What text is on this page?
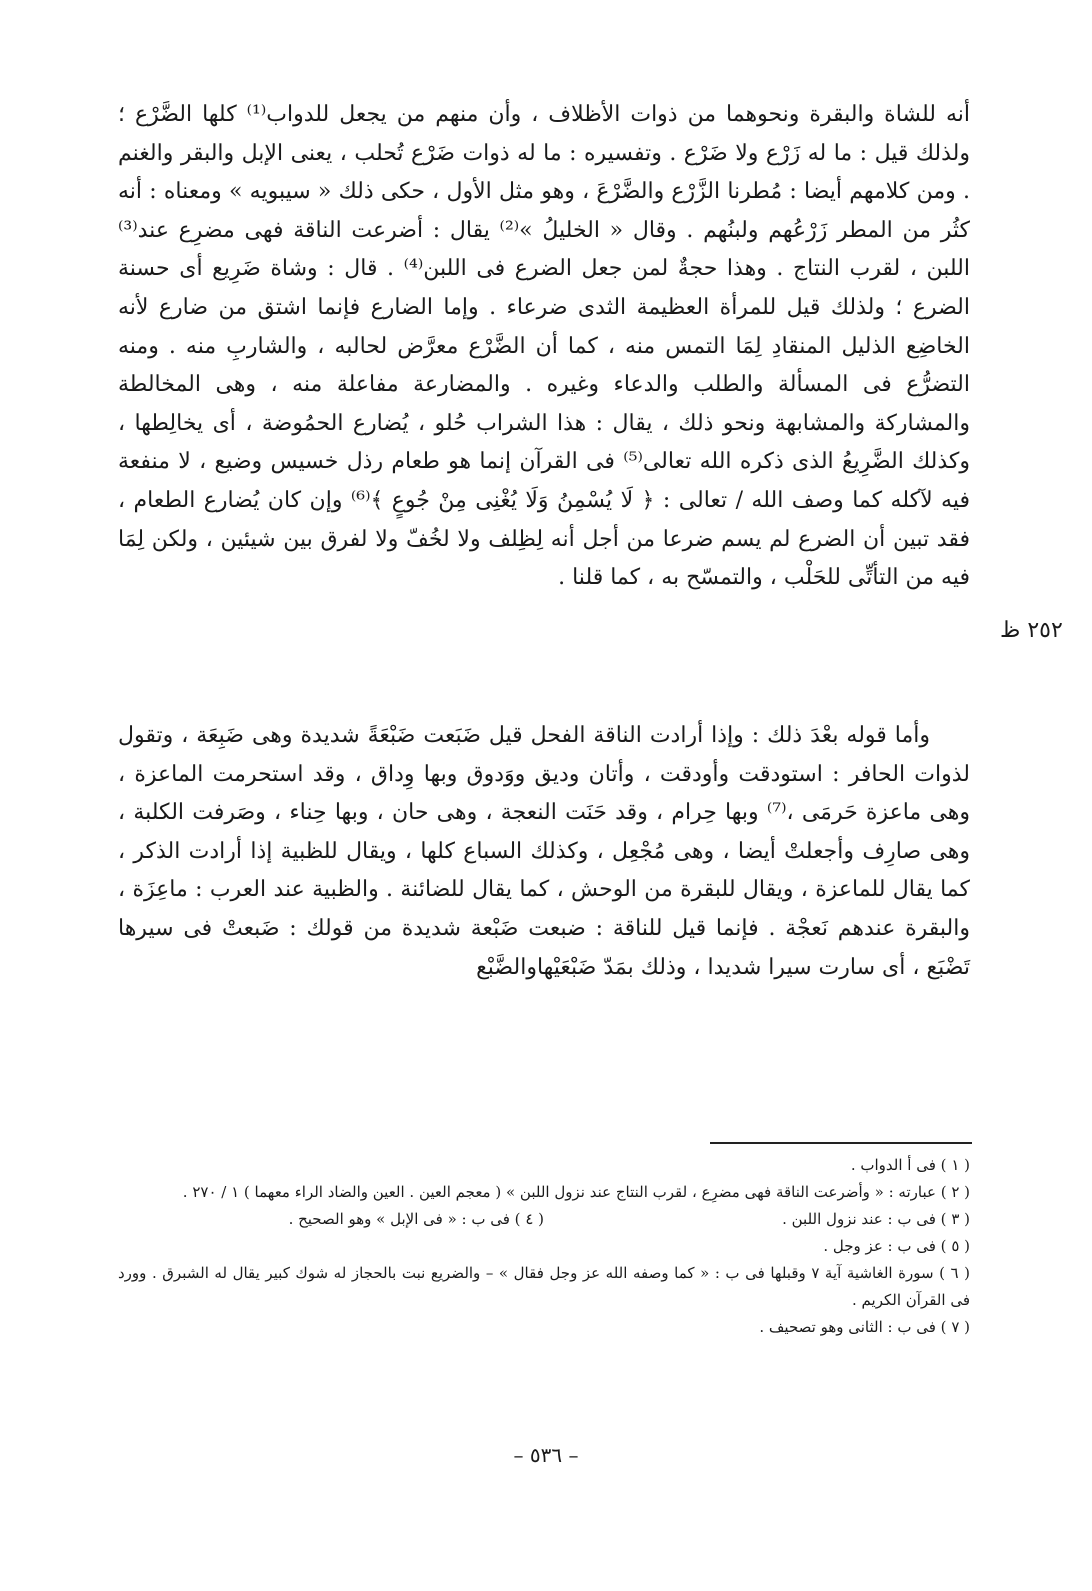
أنه للشاة والبقرة ونحوهما من ذوات الأظلاف ، وأن منهم من يجعل للدواب⁽¹⁾ كلها الضَّرْع ؛ ولذلك قيل : ما له زَرْع ولا ضَرْع . وتفسيره : ما له ذوات ضَرْع تُحلب ، يعنى الإبل والبقر والغنم . ومن كلامهم أيضا : مُطرنا الزَّرْع والضَّرْعَ ، وهو مثل الأول ، حكى ذلك « سيبويه » ومعناه : أنه كثُر من المطر زَرْعُهم ولبنُهم . وقال « الخليلُ »⁽²⁾ يقال : أضرعت الناقة فهى مضرِع عند⁽³⁾ اللبن ، لقرب النتاج . وهذا حجةٌ لمن جعل الضرع فى اللبن⁽⁴⁾ . قال : وشاة ضَرِيع أى حسنة الضرع ؛ ولذلك قيل للمرأة العظيمة الثدى ضرعاء . وإما الضارع فإنما اشتق من ضارع لأنه الخاضِع الذليل المنقادِ لِمَا التمس منه ، كما أن الضَّرْع معرَّض لحالبه ، والشاربِ منه . ومنه التضرُّع فى المسألة والطلب والدعاء وغيره . والمضارعة مفاعلة منه ، وهى المخالطة والمشاركة والمشابهة ونحو ذلك ، يقال : هذا الشراب حُلو ، يُضارع الحمُوضة ، أى يخالِطها ، وكذلك الضَّرِيعُ الذى ذكره الله تعالى⁽⁵⁾ فى القرآن إنما هو طعام رذل خسيس وضيع ، لا منفعة فيه لآكله كما وصف الله / تعالى : ﴿ لَا يُسْمِنُ وَلَا يُغْنِى مِنْ جُوعٍ ﴾⁽⁶⁾ وإن كان يُضارع الطعام ، فقد تبين أن الضرع لم يسم ضرعا من أجل أنه لِظِلف ولا لخُفّ ولا لفرق بين شيئين ، ولكن لِمَا فيه من التأتِّى للحَلْب ، والتمسّح به ، كما قلنا .
٢٥٢ ظ
وأما قوله بعْدَ ذلك : وإذا أرادت الناقة الفحل قيل ضَبَعت ضَبْعَةً شديدة وهى ضَبِعَة ، وتقول لذوات الحافر : استودقت وأودقت ، وأتان وديق ووَدوق وبها وِداق ، وقد استحرمت الماعزة ، وهى ماعزة حَرمَى ،⁽⁷⁾ وبها حِرام ، وقد حَنَت النعجة ، وهى حان ، وبها حِناء ، وصَرفت الكلبة ، وهى صارِف وأجعلتْ أيضا ، وهى مُجْعِل ، وكذلك السباع كلها ، ويقال للظبية إذا أرادت الذكر ، كما يقال للماعزة ، ويقال للبقرة من الوحش ، كما يقال للضائنة . والظبية عند العرب : ماعِزَة ، والبقرة عندهم نَعجْة . فإنما قيل للناقة : ضبعت ضَبْعة شديدة من قولك : ضَبعتْ فى سيرها تَضْبَع ، أى سارت سيرا شديدا ، وذلك بمَدّ ضَبْعَيْهاوالضَّبْع
( ١ ) فى أ الدواب .
( ٢ ) عبارته : « وأضرعت الناقة فهى مضرِع ، لقرب النتاج عند نزول اللبن » ( معجم العين . العين والضاد الراء معهما ) ١ / ٢٧٠ .
( ٣ ) فى ب : عند نزول اللبن .
( ٤ ) فى ب : « فى الإبل » وهو الصحيح .
( ٥ ) فى ب : عز وجل .
( ٦ ) سورة الغاشية آية ٧ وقبلها فى ب : « كما وصفه الله عز وجل فقال » – والضريع نبت بالحجاز له شوك كبير يقال له الشبرق . وورد فى القرآن الكريم .
( ٧ ) فى ب : الثانى وهو تصحيف .
– ٥٣٦ –
